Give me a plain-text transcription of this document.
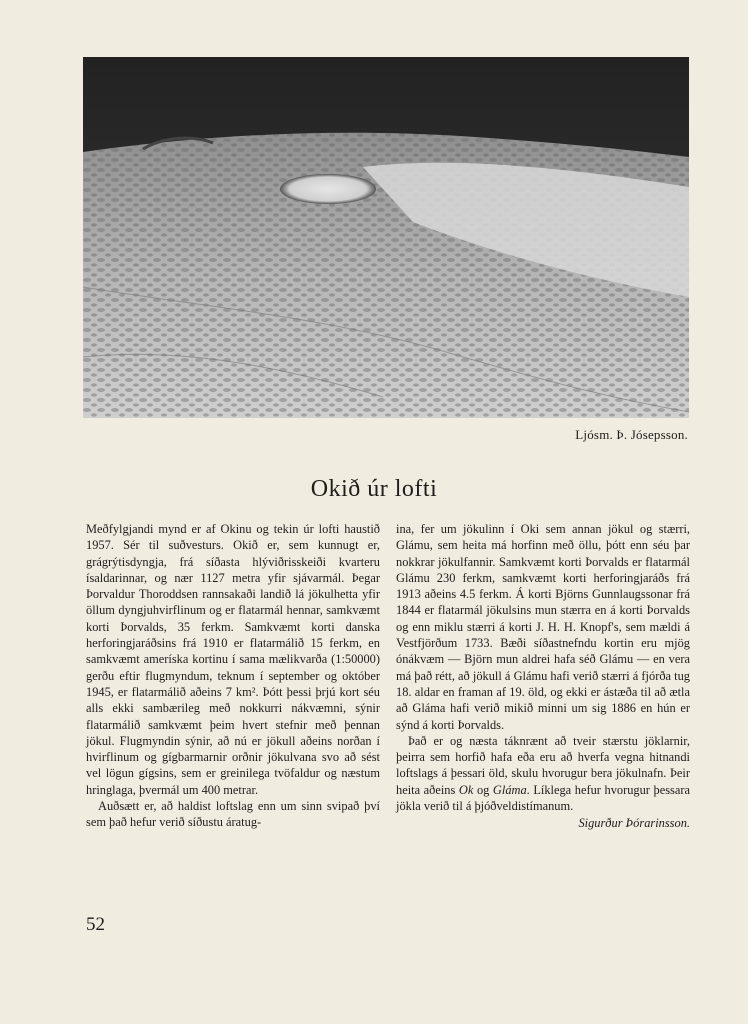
Ljósm. Þ. Jósepsson.
Okið úr lofti

Meðfylgjandi mynd er af Okinu og tekin úr lofti haustið 1957. Sér til suðvesturs. Okið er, sem kunnugt er, grágrýtisdyngja, frá síðasta hlýviðrisskeiði kvarteru ísaldarinnar, og nær 1127 metra yfir sjávarmál. Þegar Þorvaldur Thoroddsen rannsakaði landið lá jökulhetta yfir öllum dyngjuhvirflinum og er flatarmál hennar, samkvæmt korti Þorvalds, 35 ferkm. Samkvæmt korti danska herforingjaráðsins frá 1910 er flatarmálið 15 ferkm, en samkvæmt ameríska kortinu í sama mælikvarða (1:50000) gerðu eftir flugmyndum, teknum í september og október 1945, er flatarmálið aðeins 7 km². Þótt þessi þrjú kort séu alls ekki sambærileg með nokkurri nákvæmni, sýnir flatarmálið samkvæmt þeim hvert stefnir með þennan jökul. Flugmyndin sýnir, að nú er jökull aðeins norðan í hvirflinum og gígbarmarnir orðnir jökulvana svo að sést vel lögun gígsins, sem er greinilega tvöfaldur og næstum hringlaga, þvermál um 400 metrar.

Auðsætt er, að haldist loftslag enn um sinn svipað því sem það hefur verið síðustu áratug-

ina, fer um jökulinn í Oki sem annan jökul og stærri, Glámu, sem heita má horfinn með öllu, þótt enn séu þar nokkrar jökulfannir. Samkvæmt korti Þorvalds er flatarmál Glámu 230 ferkm, samkvæmt korti herforingjaráðs frá 1913 aðeins 4.5 ferkm. Á korti Björns Gunnlaugssonar frá 1844 er flatarmál jökulsins mun stærra en á korti Þorvalds og enn miklu stærri á korti J. H. H. Knopf's, sem mældi á Vestfjörðum 1733. Bæði síðastnefndu kortin eru mjög ónákvæm — Björn mun aldrei hafa séð Glámu — en vera má það rétt, að jökull á Glámu hafi verið stærri á fjórða tug 18. aldar en framan af 19. öld, og ekki er ástæða til að ætla að Gláma hafi verið mikið minni um sig 1886 en hún er sýnd á korti Þorvalds.

Það er og næsta táknrænt að tveir stærstu jöklarnir, þeirra sem horfið hafa eða eru að hverfa vegna hitnandi loftslags á þessari öld, skulu hvorugur bera jökulnafn. Þeir heita aðeins Ok og Gláma. Líklega hefur hvorugur þessara jökla verið til á þjóðveldistímanum.

Sigurður Þórarinsson.

52
